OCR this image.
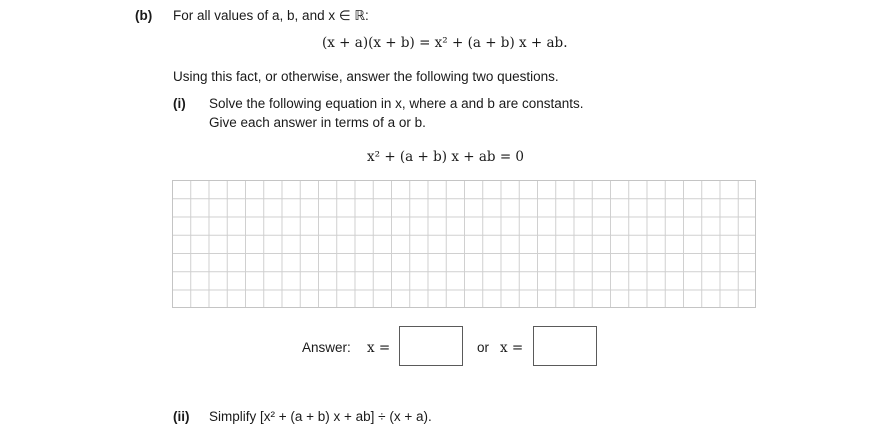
(b) For all values of a, b, and x ∈ ℝ:
(x + a)(x + b) = x² + (a + b) x + ab.
Using this fact, or otherwise, answer the following two questions.
(i) Solve the following equation in x, where a and b are constants.
Give each answer in terms of a or b.
x² + (a + b) x + ab = 0
Answer: x =	or x =
(ii) Simplify [x² + (a + b) x + ab] ÷ (x + a).
